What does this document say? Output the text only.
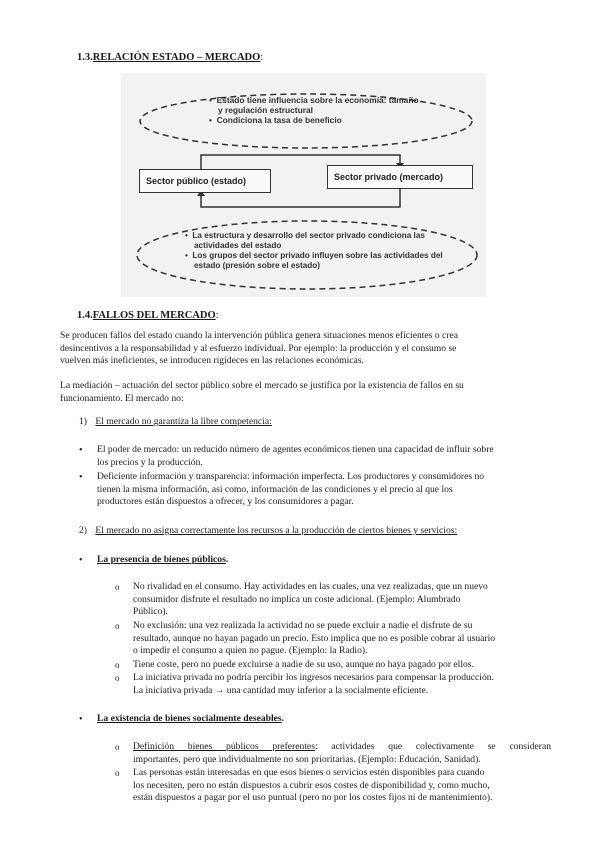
1.3.RELACIÓN ESTADO – MERCADO:
•  Estado tiene influencia sobre la economía: tamaño
y regulación estructural
•  Condiciona la tasa de beneficio
Sector público (estado)	Sector privado (mercado)
•  La estructura y desarrollo del sector privado condiciona las
actividades del estado
•  Los grupos del sector privado influyen sobre las actividades del
estado (presión sobre el estado)
1.4.FALLOS DEL MERCADO:
Se producen fallos del estado cuando la intervención pública genera situaciones menos eficientes o crea
desincentivos a la responsabilidad y al esfuerzo individual. Por ejemplo: la producción y el consumo se
vuelven más ineficientes, se introducen rigideces en las relaciones económicas.
La mediación – actuación del sector público sobre el mercado se justifica por la existencia de fallos en su
funcionamiento. El mercado no:
1) El mercado no garantiza la libre competencia:
• El poder de mercado: un reducido número de agentes económicos tienen una capacidad de influir sobre
los precios y la producción.
• Deficiente información y transparencia: información imperfecta. Los productores y consumidores no
tienen la misma información, así como, información de las condiciones y el precio al que los
productores están dispuestos a ofrecer, y los consumidores a pagar.
2) El mercado no asigna correctamente los recursos a la producción de ciertos bienes y servicios:
• La presencia de bienes públicos.
o No rivalidad en el consumo. Hay actividades en las cuales, una vez realizadas, que un nuevo
consumidor disfrute el resultado no implica un coste adicional. (Ejemplo: Alumbrado
Público).
o No exclusión: una vez realizada la actividad no se puede excluir a nadie el disfrute de su
resultado, aunque no hayan pagado un precio. Esto implica que no es posible cobrar al usuario
o impedir el consumo a quien no pague. (Ejemplo: la Radio).
o Tiene coste, pero no puede excluirse a nadie de su uso, aunque no haya pagado por ellos.
o La iniciativa privada no podría percibir los ingresos necesarios para compensar la producción.
La iniciativa privada → una cantidad muy inferior a la socialmente eficiente.
• La existencia de bienes socialmente deseables.
o Definición bienes públicos preferentes: actividades que colectivamente se consideran
importantes, pero que individualmente no son prioritarias. (Ejemplo: Educación, Sanidad).
o Las personas están interesadas en que esos bienes o servicios estén disponibles para cuando
los necesiten, pero no están dispuestos a cubrir esos costes de disponibilidad y, como mucho,
están dispuestos a pagar por el uso puntual (pero no por los costes fijos ni de mantenimiento).
